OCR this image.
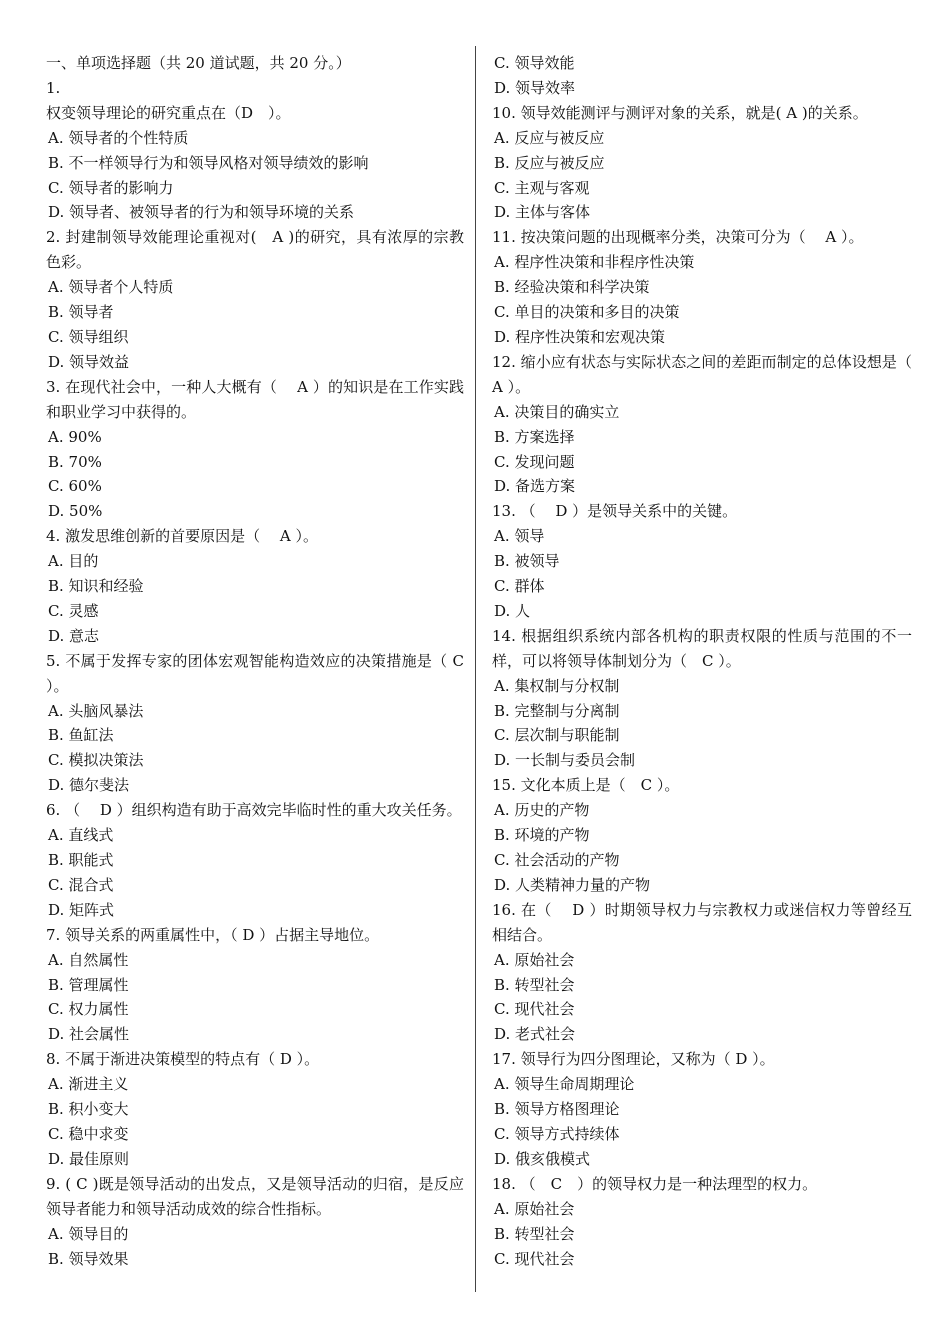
一、单项选择题（共 20 道试题，共 20 分。）
1.
权变领导理论的研究重点在（D　）。
A. 领导者的个性特质
B. 不一样领导行为和领导风格对领导绩效的影响
C. 领导者的影响力
D. 领导者、被领导者的行为和领导环境的关系
2. 封建制领导效能理论重视对(　A )的研究，具有浓厚的宗教色彩。
A. 领导者个人特质
B. 领导者
C. 领导组织
D. 领导效益
3. 在现代社会中，一种人大概有（　 A ）的知识是在工作实践和职业学习中获得的。
A. 90%
B. 70%
C. 60%
D. 50%
4. 激发思维创新的首要原因是（　 A ）。
A. 目的
B. 知识和经验
C. 灵感
D. 意志
5. 不属于发挥专家的团体宏观智能构造效应的决策措施是（ C ）。
A. 头脑风暴法
B. 鱼缸法
C. 模拟决策法
D. 德尔斐法
6. （　 D ）组织构造有助于高效完毕临时性的重大攻关任务。
A. 直线式
B. 职能式
C. 混合式
D. 矩阵式
7. 领导关系的两重属性中，（ D ）占据主导地位。
A. 自然属性
B. 管理属性
C. 权力属性
D. 社会属性
8. 不属于渐进决策模型的特点有（ D ）。
A. 渐进主义
B. 积小变大
C. 稳中求变
D. 最佳原则
9. ( C )既是领导活动的出发点，又是领导活动的归宿，是反应领导者能力和领导活动成效的综合性指标。
A. 领导目的
B. 领导效果
C. 领导效能
D. 领导效率
10. 领导效能测评与测评对象的关系，就是( A )的关系。
A. 反应与被反应
B. 反应与被反应
C. 主观与客观
D. 主体与客体
11. 按决策问题的出现概率分类，决策可分为（　 A ）。
A. 程序性决策和非程序性决策
B. 经验决策和科学决策
C. 单目的决策和多目的决策
D. 程序性决策和宏观决策
12. 缩小应有状态与实际状态之间的差距而制定的总体设想是（ A ）。
A. 决策目的确实立
B. 方案选择
C. 发现问题
D. 备选方案
13. （　 D ）是领导关系中的关键。
A. 领导
B. 被领导
C. 群体
D. 人
14. 根据组织系统内部各机构的职责权限的性质与范围的不一样，可以将领导体制划分为（　C ）。
A. 集权制与分权制
B. 完整制与分离制
C. 层次制与职能制
D. 一长制与委员会制
15. 文化本质上是（　C ）。
A. 历史的产物
B. 环境的产物
C. 社会活动的产物
D. 人类精神力量的产物
16. 在（　 D ）时期领导权力与宗教权力或迷信权力等曾经互相结合。
A. 原始社会
B. 转型社会
C. 现代社会
D. 老式社会
17. 领导行为四分图理论，又称为（ D ）。
A. 领导生命周期理论
B. 领导方格图理论
C. 领导方式持续体
D. 俄亥俄模式
18. （　C　）的领导权力是一种法理型的权力。
A. 原始社会
B. 转型社会
C. 现代社会
